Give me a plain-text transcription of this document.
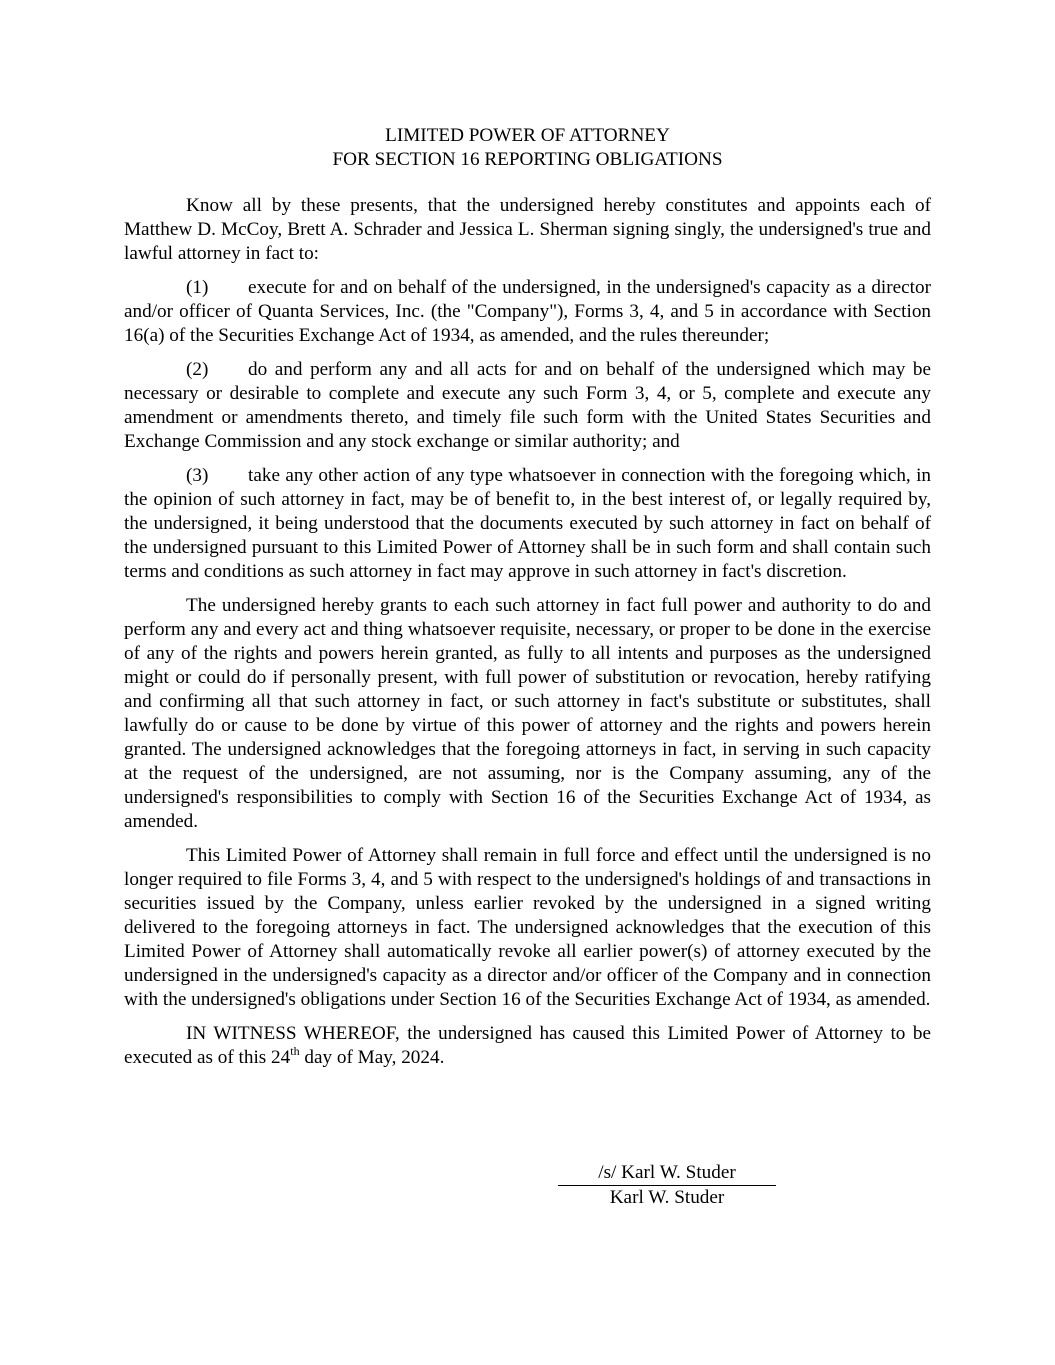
LIMITED POWER OF ATTORNEY
FOR SECTION 16 REPORTING OBLIGATIONS

Know all by these presents, that the undersigned hereby constitutes and appoints each of Matthew D. McCoy, Brett A. Schrader and Jessica L. Sherman signing singly, the undersigned's true and lawful attorney in fact to:

(1) execute for and on behalf of the undersigned, in the undersigned's capacity as a director and/or officer of Quanta Services, Inc. (the "Company"), Forms 3, 4, and 5 in accordance with Section 16(a) of the Securities Exchange Act of 1934, as amended, and the rules thereunder;

(2) do and perform any and all acts for and on behalf of the undersigned which may be necessary or desirable to complete and execute any such Form 3, 4, or 5, complete and execute any amendment or amendments thereto, and timely file such form with the United States Securities and Exchange Commission and any stock exchange or similar authority; and

(3) take any other action of any type whatsoever in connection with the foregoing which, in the opinion of such attorney in fact, may be of benefit to, in the best interest of, or legally required by, the undersigned, it being understood that the documents executed by such attorney in fact on behalf of the undersigned pursuant to this Limited Power of Attorney shall be in such form and shall contain such terms and conditions as such attorney in fact may approve in such attorney in fact's discretion.

The undersigned hereby grants to each such attorney in fact full power and authority to do and perform any and every act and thing whatsoever requisite, necessary, or proper to be done in the exercise of any of the rights and powers herein granted, as fully to all intents and purposes as the undersigned might or could do if personally present, with full power of substitution or revocation, hereby ratifying and confirming all that such attorney in fact, or such attorney in fact's substitute or substitutes, shall lawfully do or cause to be done by virtue of this power of attorney and the rights and powers herein granted. The undersigned acknowledges that the foregoing attorneys in fact, in serving in such capacity at the request of the undersigned, are not assuming, nor is the Company assuming, any of the undersigned's responsibilities to comply with Section 16 of the Securities Exchange Act of 1934, as amended.

This Limited Power of Attorney shall remain in full force and effect until the undersigned is no longer required to file Forms 3, 4, and 5 with respect to the undersigned's holdings of and transactions in securities issued by the Company, unless earlier revoked by the undersigned in a signed writing delivered to the foregoing attorneys in fact. The undersigned acknowledges that the execution of this Limited Power of Attorney shall automatically revoke all earlier power(s) of attorney executed by the undersigned in the undersigned's capacity as a director and/or officer of the Company and in connection with the undersigned's obligations under Section 16 of the Securities Exchange Act of 1934, as amended.

IN WITNESS WHEREOF, the undersigned has caused this Limited Power of Attorney to be executed as of this 24th day of May, 2024.

/s/ Karl W. Studer
Karl W. Studer
